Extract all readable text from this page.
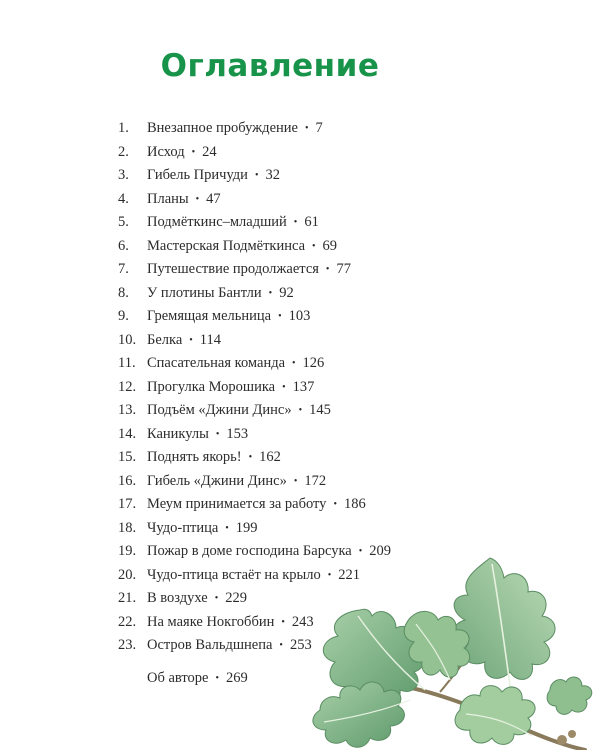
Оглавление
1. Внезапное пробуждение • 7
2. Исход • 24
3. Гибель Причуди • 32
4. Планы • 47
5. Подмёткинс–младший • 61
6. Мастерская Подмёткинса • 69
7. Путешествие продолжается • 77
8. У плотины Бантли • 92
9. Гремящая мельница • 103
10. Белка • 114
11. Спасательная команда • 126
12. Прогулка Морошика • 137
13. Подъём «Джини Динс» • 145
14. Каникулы • 153
15. Поднять якорь! • 162
16. Гибель «Джини Динс» • 172
17. Меум принимается за работу • 186
18. Чудо-птица • 199
19. Пожар в доме господина Барсука • 209
20. Чудо-птица встаёт на крыло • 221
21. В воздухе • 229
22. На маяке Нокгоббин • 243
23. Остров Вальдшнепа • 253
Об авторе • 269
